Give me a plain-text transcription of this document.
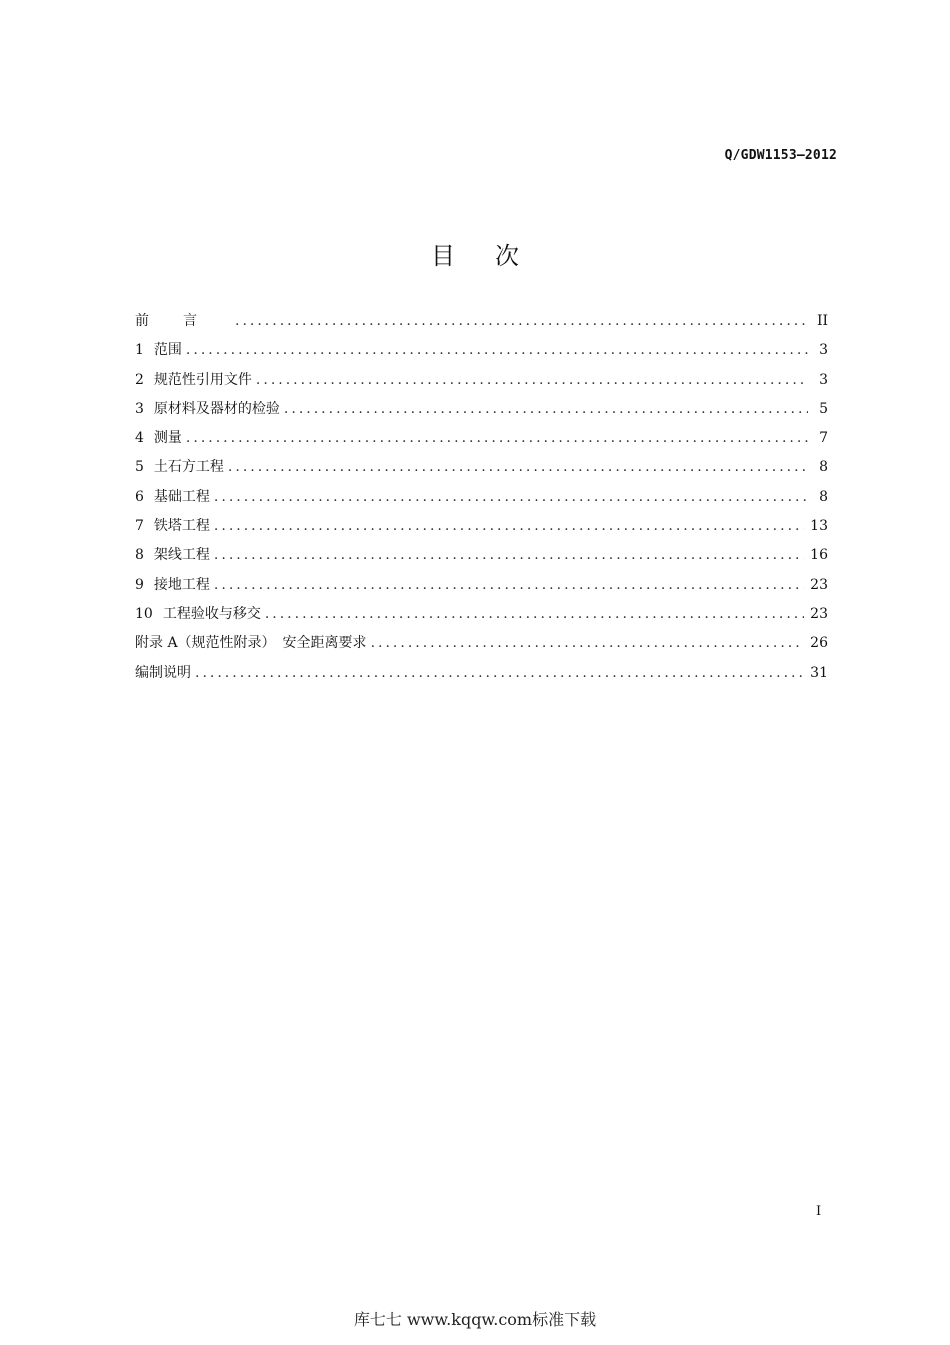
Q/GDW1153—2012
目次
前言 .....	II
1 范围 .....	3
2 规范性引用文件 .....	3
3 原材料及器材的检验 .....	5
4 测量 .....	7
5 土石方工程 .....	8
6 基础工程 .....	8
7 铁塔工程 .....	13
8 架线工程 .....	16
9 接地工程 .....	23
10 工程验收与移交 .....	23
附录 A（规范性附录）　安全距离要求 .....	26
编制说明 .....	31
I
库七七 www.kqqw.com标准下载
